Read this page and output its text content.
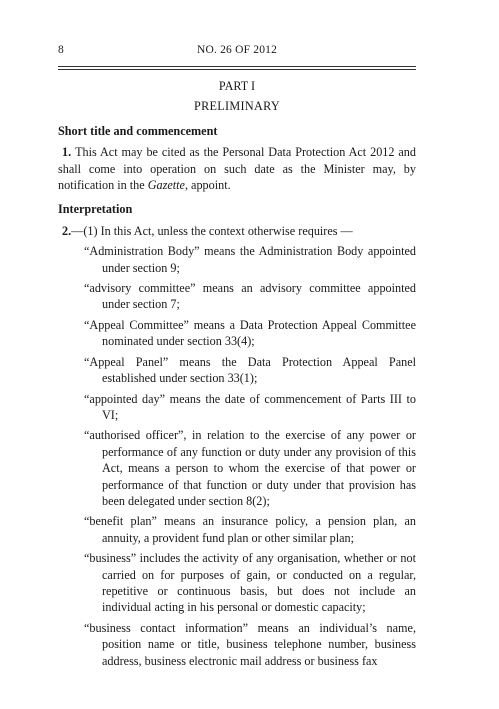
8	NO. 26 OF 2012
PART I
PRELIMINARY
Short title and commencement
1. This Act may be cited as the Personal Data Protection Act 2012 and shall come into operation on such date as the Minister may, by notification in the Gazette, appoint.
Interpretation
2.—(1) In this Act, unless the context otherwise requires —
“Administration Body” means the Administration Body appointed under section 9;
“advisory committee” means an advisory committee appointed under section 7;
“Appeal Committee” means a Data Protection Appeal Committee nominated under section 33(4);
“Appeal Panel” means the Data Protection Appeal Panel established under section 33(1);
“appointed day” means the date of commencement of Parts III to VI;
“authorised officer”, in relation to the exercise of any power or performance of any function or duty under any provision of this Act, means a person to whom the exercise of that power or performance of that function or duty under that provision has been delegated under section 8(2);
“benefit plan” means an insurance policy, a pension plan, an annuity, a provident fund plan or other similar plan;
“business” includes the activity of any organisation, whether or not carried on for purposes of gain, or conducted on a regular, repetitive or continuous basis, but does not include an individual acting in his personal or domestic capacity;
“business contact information” means an individual’s name, position name or title, business telephone number, business address, business electronic mail address or business fax
